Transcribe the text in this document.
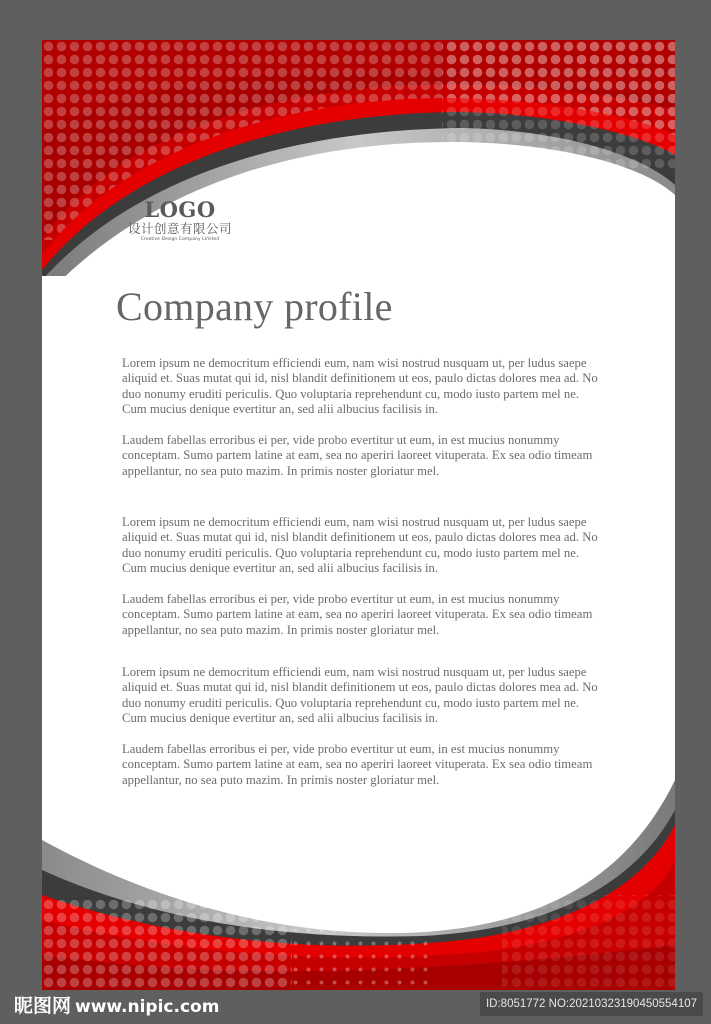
LOGO
设计创意有限公司
Creative Design Company Limited
Company profile

Lorem ipsum ne democritum efficiendi eum, nam wisi nostrud nusquam ut, per ludus saepe aliquid et. Suas mutat qui id, nisl blandit definitionem ut eos, paulo dictas dolores mea ad. No duo nonumy eruditi periculis. Quo voluptaria reprehendunt cu, modo iusto partem mel ne. Cum mucius denique evertitur an, sed alii albucius facilisis in.

Laudem fabellas erroribus ei per, vide probo evertitur ut eum, in est mucius nonummy conceptam. Sumo partem latine at eam, sea no aperiri laoreet vituperata. Ex sea odio timeam appellantur, no sea puto mazim. In primis noster gloriatur mel.

Lorem ipsum ne democritum efficiendi eum, nam wisi nostrud nusquam ut, per ludus saepe aliquid et. Suas mutat qui id, nisl blandit definitionem ut eos, paulo dictas dolores mea ad. No duo nonumy eruditi periculis. Quo voluptaria reprehendunt cu, modo iusto partem mel ne. Cum mucius denique evertitur an, sed alii albucius facilisis in.

Laudem fabellas erroribus ei per, vide probo evertitur ut eum, in est mucius nonummy conceptam. Sumo partem latine at eam, sea no aperiri laoreet vituperata. Ex sea odio timeam appellantur, no sea puto mazim. In primis noster gloriatur mel.

Lorem ipsum ne democritum efficiendi eum, nam wisi nostrud nusquam ut, per ludus saepe aliquid et. Suas mutat qui id, nisl blandit definitionem ut eos, paulo dictas dolores mea ad. No duo nonumy eruditi periculis. Quo voluptaria reprehendunt cu, modo iusto partem mel ne. Cum mucius denique evertitur an, sed alii albucius facilisis in.

Laudem fabellas erroribus ei per, vide probo evertitur ut eum, in est mucius nonummy conceptam. Sumo partem latine at eam, sea no aperiri laoreet vituperata. Ex sea odio timeam appellantur, no sea puto mazim. In primis noster gloriatur mel.

昵图网 www.nipic.com	ID:8051772 NO:20210323190450554107
